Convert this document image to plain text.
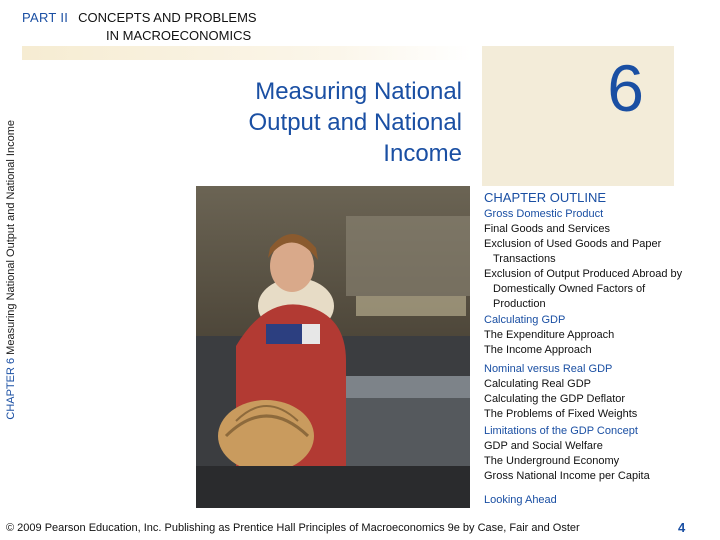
CHAPTER 6 Measuring National Output and National Income
PART II CONCEPTS AND PROBLEMS
IN MACROECONOMICS
Measuring National
Output and National
Income
6
CHAPTER OUTLINE
Gross Domestic Product
Final Goods and Services
Exclusion of Used Goods and Paper
Transactions
Exclusion of Output Produced Abroad by
Domestically Owned Factors of
Production
Calculating GDP
The Expenditure Approach
The Income Approach
Nominal versus Real GDP
Calculating Real GDP
Calculating the GDP Deflator
The Problems of Fixed Weights
Limitations of the GDP Concept
GDP and Social Welfare
The Underground Economy
Gross National Income per Capita
Looking Ahead
© 2009 Pearson Education, Inc. Publishing as Prentice Hall Principles of Macroeconomics 9e by Case, Fair and Oster	4
